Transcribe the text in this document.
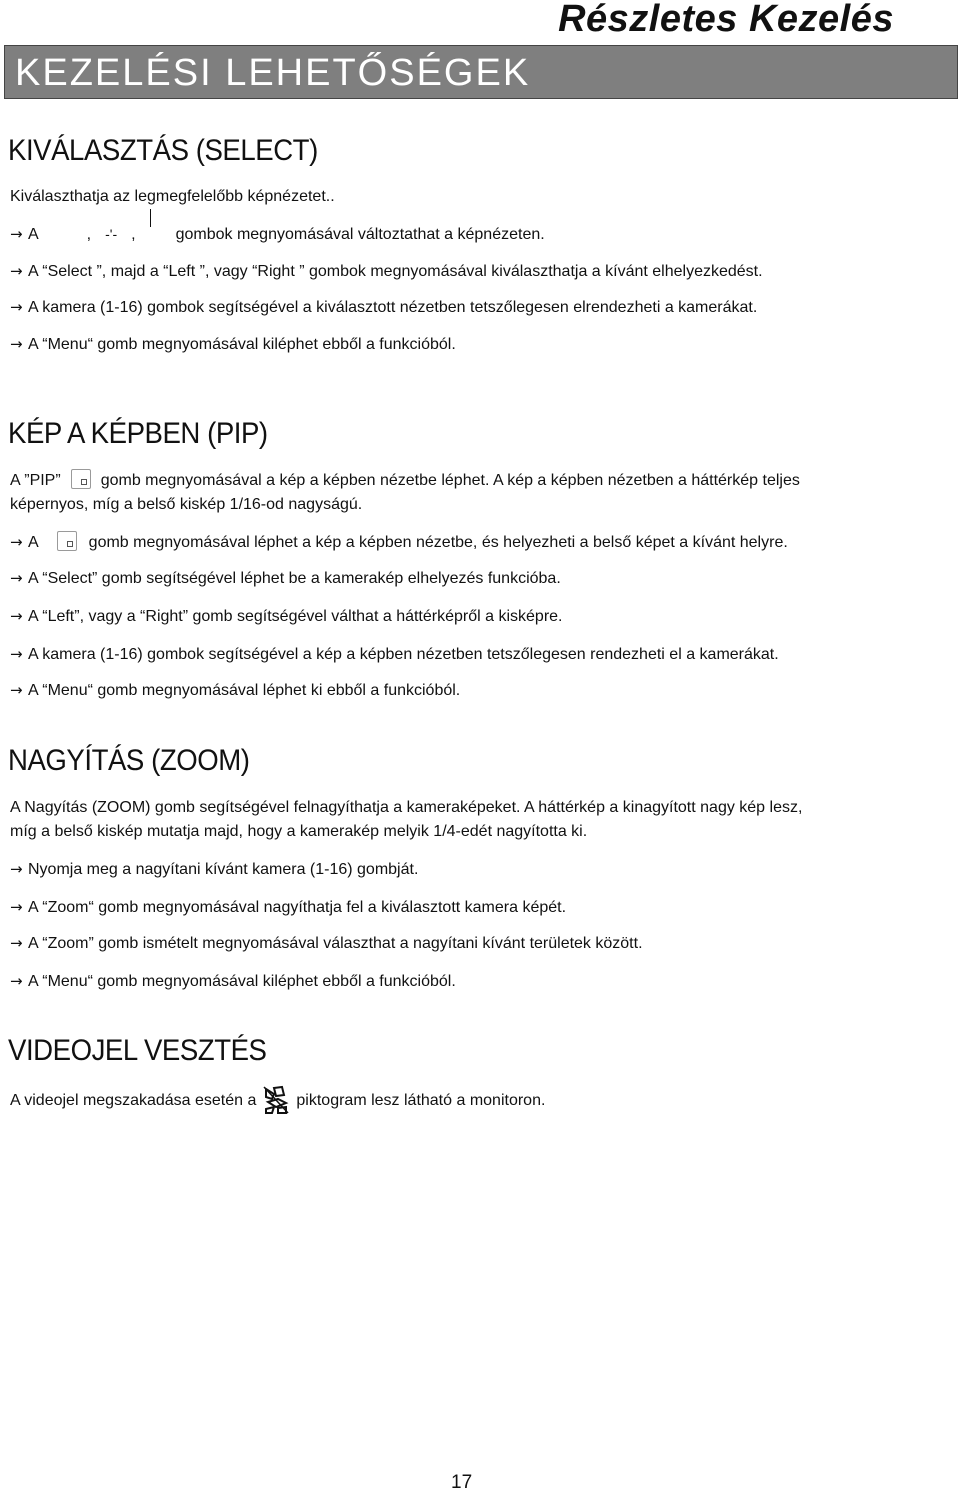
Részletes Kezelés
KEZELÉSI LEHETŐSÉGEK
KIVÁLASZTÁS (SELECT)
Kiválaszthatja az legmegfelelőbb képnézetet..
→ A	, -'- ,	gombok megnyomásával változtathat a képnézeten.
→ A “Select ”, majd a “Left ”, vagy “Right ” gombok megnyomásával kiválaszthatja a kívánt elhelyezkedést.
→ A kamera (1-16) gombok segítségével a kiválasztott nézetben tetszőlegesen elrendezheti a kamerákat.
→ A “Menu“ gomb megnyomásával kiléphet ebből a funkcióból.
KÉP A KÉPBEN (PIP)
A ”PIP”	gomb megnyomásával a kép a képben nézetbe léphet. A kép a képben nézetben a háttérkép teljes
képernyos, míg a belső kiskép 1/16-od nagyságú.
→ A	gomb megnyomásával léphet a kép a képben nézetbe, és helyezheti a belső képet a kívánt helyre.
→ A “Select” gomb segítségével léphet be a kamerakép elhelyezés funkcióba.
→ A “Left”, vagy a “Right” gomb segítségével válthat a háttérképről a kisképre.
→ A kamera (1-16) gombok segítségével a kép a képben nézetben tetszőlegesen rendezheti el a kamerákat.
→ A “Menu“ gomb megnyomásával léphet ki ebből a funkcióból.
NAGYÍTÁS (ZOOM)
A Nagyítás (ZOOM) gomb segítségével felnagyíthatja a kameraképeket. A háttérkép a kinagyított nagy kép lesz,
míg a belső kiskép mutatja majd, hogy a kamerakép melyik 1/4-edét nagyította ki.
→ Nyomja meg a nagyítani kívánt kamera (1-16) gombját.
→ A “Zoom“ gomb megnyomásával nagyíthatja fel a kiválasztott kamera képét.
→ A “Zoom” gomb ismételt megnyomásával választhat a nagyítani kívánt területek között.
→ A “Menu“ gomb megnyomásával kiléphet ebből a funkcióból.
VIDEOJEL VESZTÉS
A videojel megszakadása esetén a	piktogram lesz látható a monitoron.
17
